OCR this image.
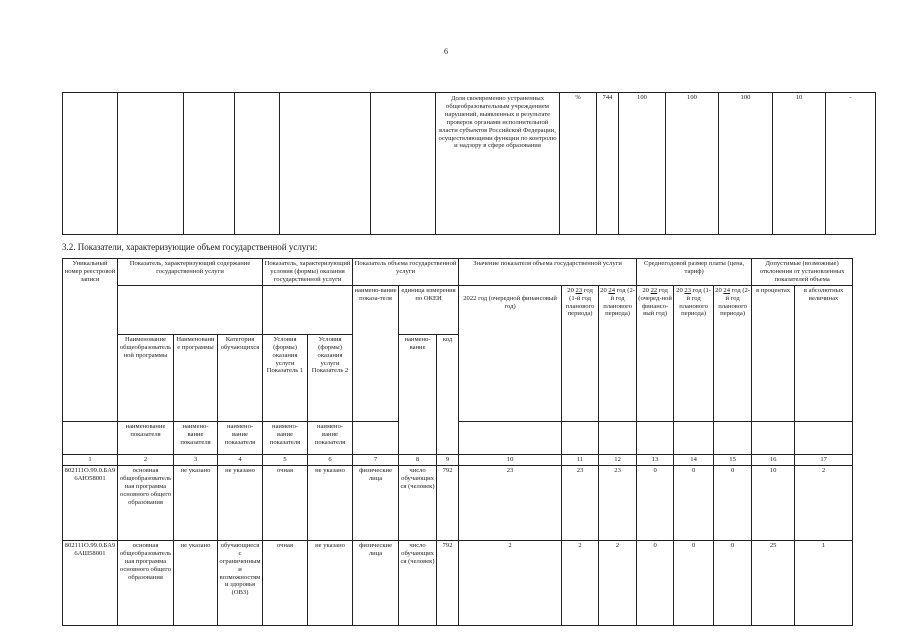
6
						Доля своевременно устраненных общеобразовательным учреждением нарушений, выявленных в результате проверок органами исполнительной власти субъектов Российской Федерации, осуществляющими функции по контролю и надзору в сфере образования	%	744	100	100	100	10	-
3.2. Показатели, характеризующие объем государственной услуги:
Уникальный номер реестровой записи	Показатель, характеризующий содержание государственной услуги			Показатель, характеризующий условия (формы) оказания государственной услуги		Показатель объема государственной услуги			Значение показателя объема государственной услуги			Среднегодовой размер платы (цена, тариф)			Допустимые (возможные) отклонения от установленных показателей объема	
						наимено-вание показа-теля	единица измерения по ОКЕИ		2022 год (очередной финансовый год)	20 23 год (1-й год планового периода)	20 24 год (2-й год планового периода)	20 22 год (очеред-ной финансо-вый год)	20 23 год (1-й год планового периода)	20 24 год (2-й год планового периода)	в процентах	в абсолютных величинах
	Наименование общеобразовательной программы	Наименование программы	Категория обучающихся	Условия (формы) оказания услуги Показатель 1	Условия (формы) оказания услуги Показатель 2		наимено-вание	код								
	наименование показателя	наимено-вание показателя	наимено-вание показателя	наимено-вание показателя	наимено-вание показателя											
1	2	3	4	5	6	7	8	9	10	11	12	13	14	15	16	17
802111О.99.0.БА96АЮ58001	основная общеобразовательная программа основного общего образования	не указано	не указано	очная	не указано	физические лица	число обучающихся (человек)	792	23	23	23	0	0	0	10	2
802111О.99.0.БА96АШ58001	основная общеобразовательная программа основного общего образования	не указано	обучающиеся с ограниченными возможностями здоровья (ОВЗ)	очная	не указано	физические лица	число обучающихся (человек)	792	2	2	2	0	0	0	25	1
